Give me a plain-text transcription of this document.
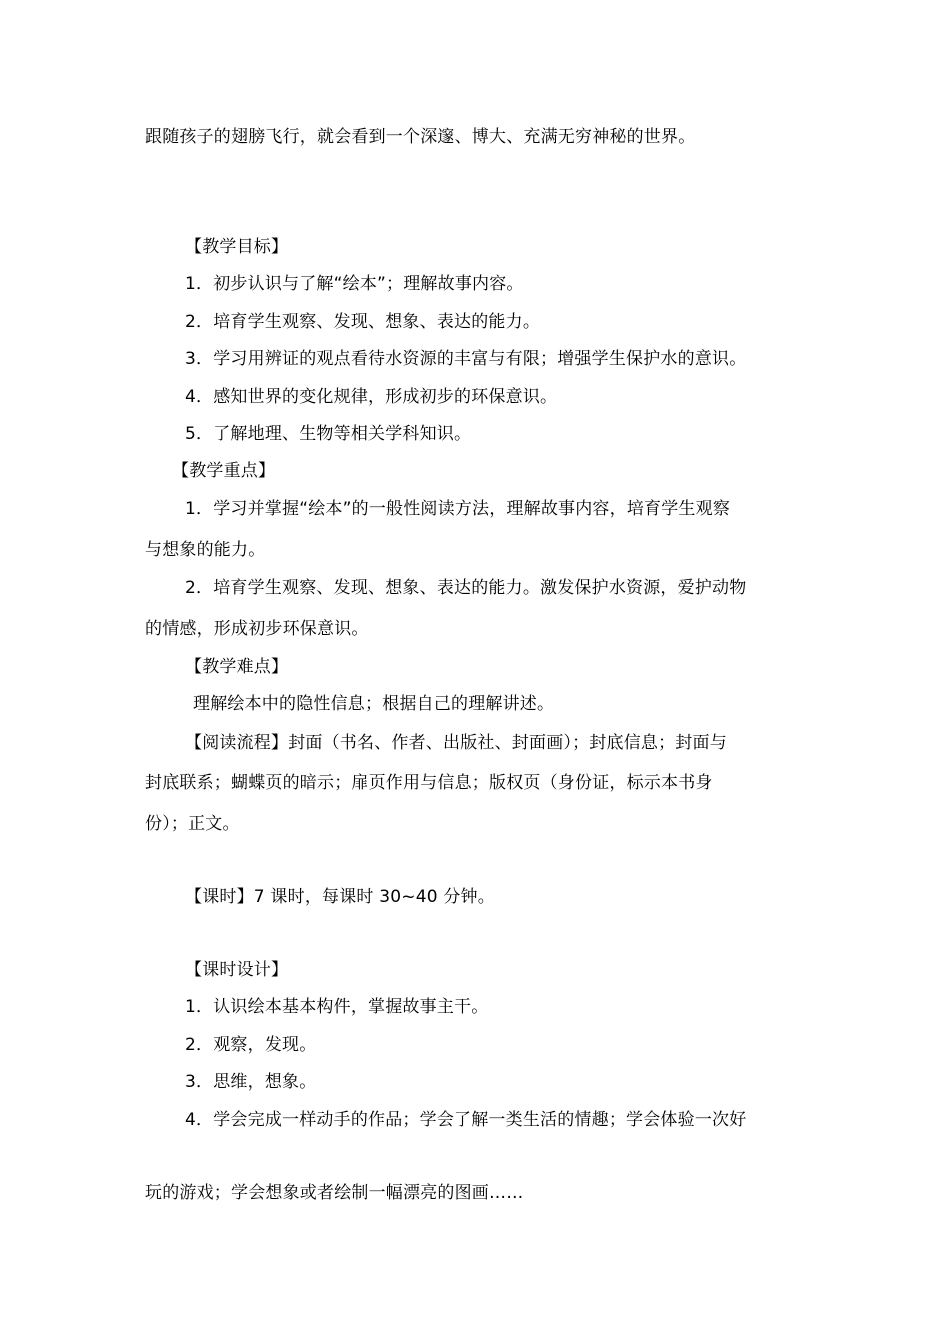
跟随孩子的翅膀飞行，就会看到一个深邃、博大、充满无穷神秘的世界。
【教学目标】
1．初步认识与了解“绘本”；理解故事内容。
2．培育学生观察、发现、想象、表达的能力。
3．学习用辨证的观点看待水资源的丰富与有限；增强学生保护水的意识。
4．感知世界的变化规律，形成初步的环保意识。
5．了解地理、生物等相关学科知识。
【教学重点】
1．学习并掌握“绘本”的一般性阅读方法，理解故事内容，培育学生观察
与想象的能力。
2．培育学生观察、发现、想象、表达的能力。激发保护水资源，爱护动物
的情感，形成初步环保意识。
【教学难点】
理解绘本中的隐性信息；根据自己的理解讲述。
【阅读流程】封面（书名、作者、出版社、封面画）；封底信息；封面与
封底联系；蝴蝶页的暗示；扉页作用与信息；版权页（身份证，标示本书身
份）；正文。
【课时】7 课时，每课时 30~40 分钟。
【课时设计】
1．认识绘本基本构件，掌握故事主干。
2．观察，发现。
3．思维，想象。
4．学会完成一样动手的作品；学会了解一类生活的情趣；学会体验一次好
玩的游戏；学会想象或者绘制一幅漂亮的图画……
